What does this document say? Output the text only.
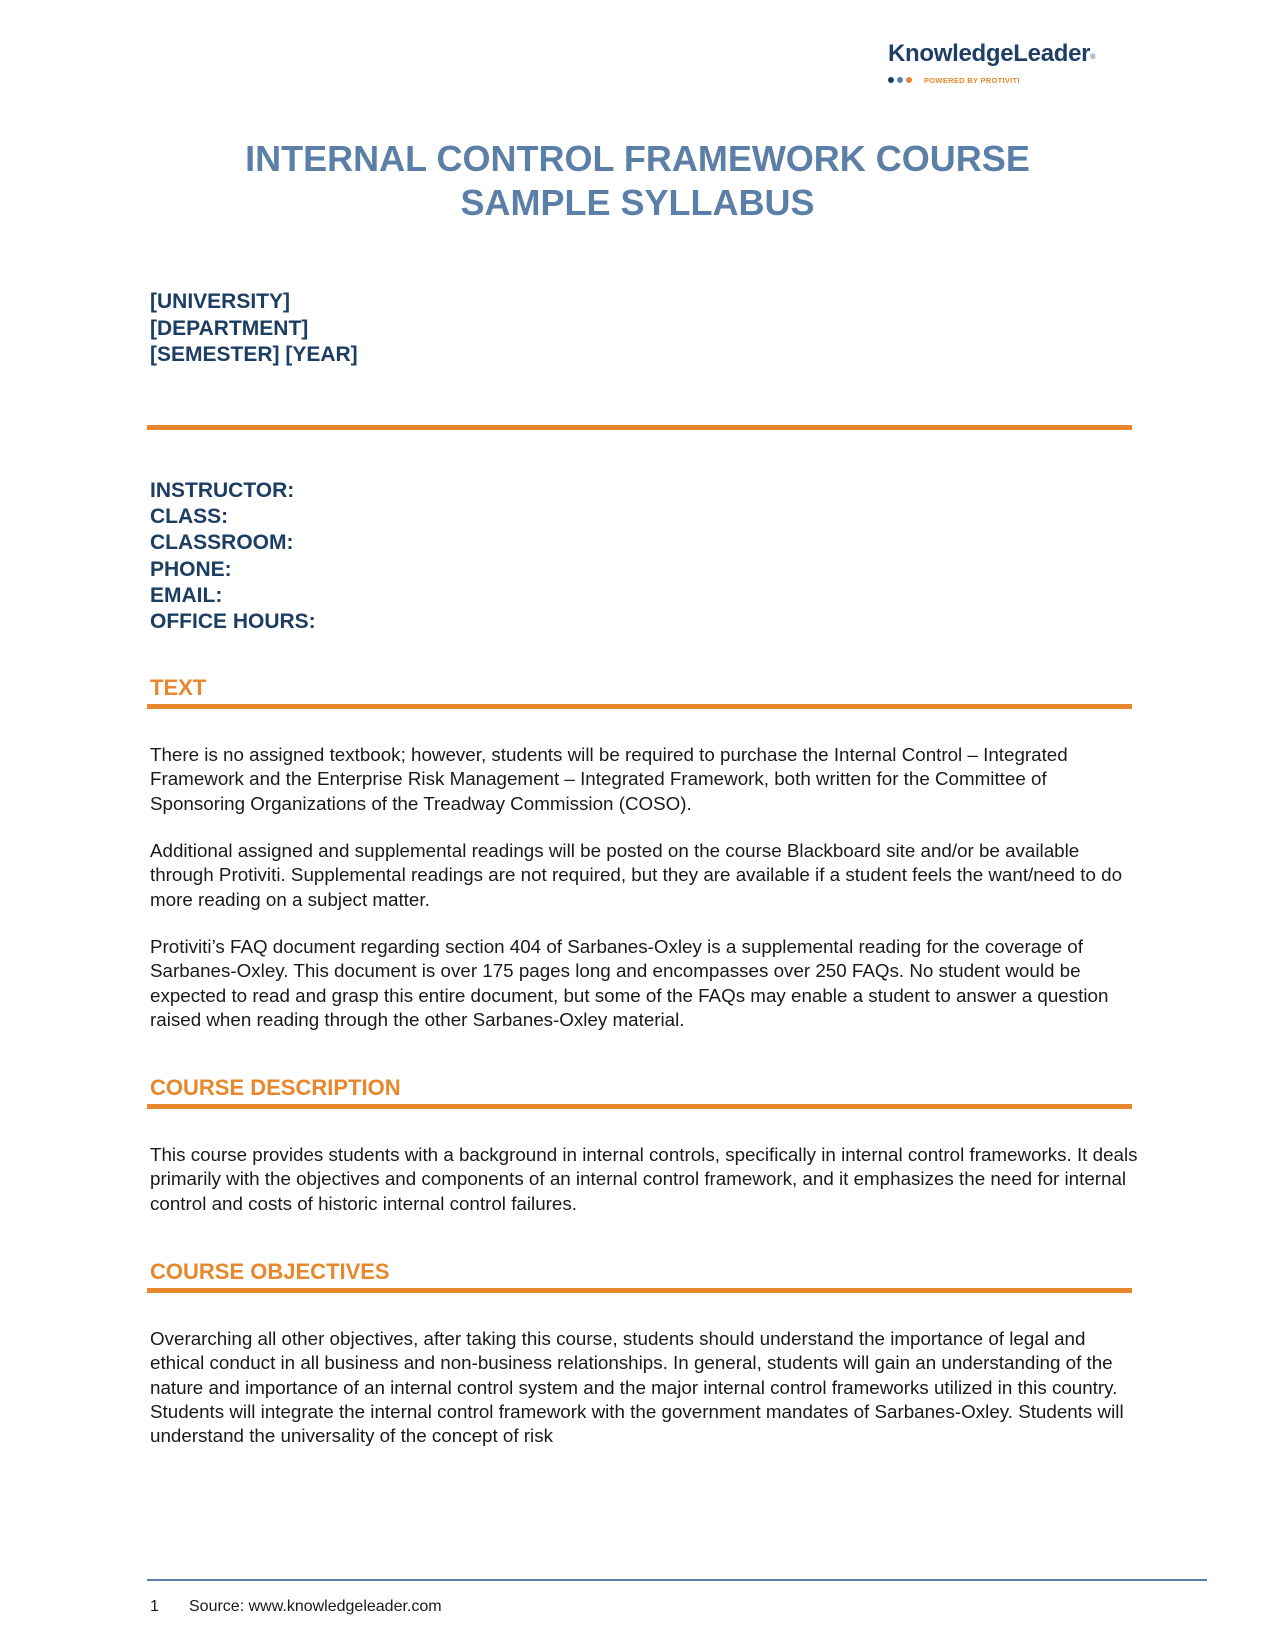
KnowledgeLeader®
POWERED BY PROTIVITI
INTERNAL CONTROL FRAMEWORK COURSE
SAMPLE SYLLABUS
[UNIVERSITY]
[DEPARTMENT]
[SEMESTER] [YEAR]
INSTRUCTOR:
CLASS:
CLASSROOM:
PHONE:
EMAIL:
OFFICE HOURS:
TEXT

There is no assigned textbook; however, students will be required to purchase the Internal Control – Integrated Framework and the Enterprise Risk Management – Integrated Framework, both written for the Committee of Sponsoring Organizations of the Treadway Commission (COSO).

Additional assigned and supplemental readings will be posted on the course Blackboard site and/or be available through Protiviti. Supplemental readings are not required, but they are available if a student feels the want/need to do more reading on a subject matter.

Protiviti’s FAQ document regarding section 404 of Sarbanes-Oxley is a supplemental reading for the coverage of Sarbanes-Oxley. This document is over 175 pages long and encompasses over 250 FAQs. No student would be expected to read and grasp this entire document, but some of the FAQs may enable a student to answer a question raised when reading through the other Sarbanes-Oxley material.

COURSE DESCRIPTION

This course provides students with a background in internal controls, specifically in internal control frameworks. It deals primarily with the objectives and components of an internal control framework, and it emphasizes the need for internal control and costs of historic internal control failures.

COURSE OBJECTIVES

Overarching all other objectives, after taking this course, students should understand the importance of legal and ethical conduct in all business and non-business relationships. In general, students will gain an understanding of the nature and importance of an internal control system and the major internal control frameworks utilized in this country. Students will integrate the internal control framework with the government mandates of Sarbanes-Oxley. Students will understand the universality of the concept of risk

1 Source: www.knowledgeleader.com
